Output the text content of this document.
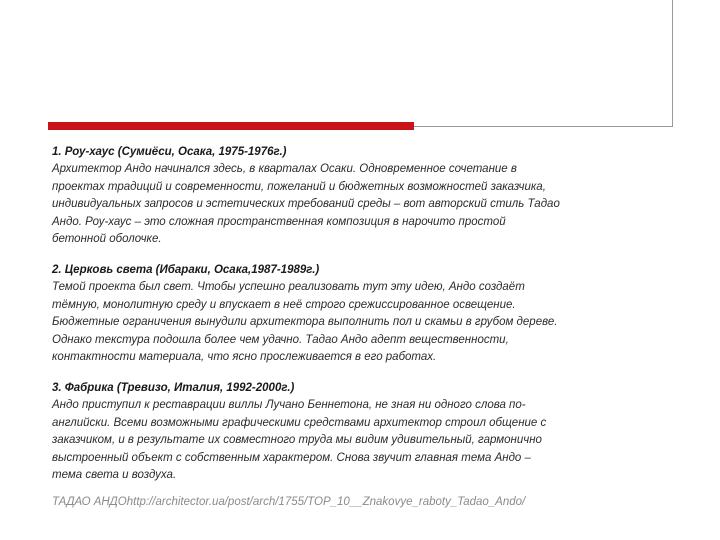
1. Роу-хаус (Сумиёси, Осака, 1975-1976г.)
Архитектор Андо начинался здесь, в кварталах Осаки. Одновременное сочетание в
проектах традиций и современности, пожеланий и бюджетных возможностей заказчика,
индивидуальных запросов и эстетических требований среды – вот авторский стиль Тадао
Андо. Роу-хаус – это сложная пространственная композиция в нарочито простой
бетонной оболочке.
2. Церковь света (Ибараки, Осака,1987-1989г.)
Темой проекта был свет. Чтобы успешно реализовать тут эту идею, Андо создаёт
тёмную, монолитную среду и впускает в неё строго срежиссированное освещение.
Бюджетные ограничения вынудили архитектора выполнить пол и скамьи в грубом дереве.
Однако текстура подошла более чем удачно. Тадао Андо адепт вещественности,
контактности материала, что ясно прослеживается в его работах.
3. Фабрика (Тревизо, Италия, 1992-2000г.)
Андо приступил к реставрации виллы Лучано Беннетона, не зная ни одного слова по-
английски. Всеми возможными графическими средствами архитектор строил общение с
заказчиком, и в результате их совместного труда мы видим удивительный, гармонично
выстроенный объект с собственным характером. Снова звучит главная тема Андо –
тема света и воздуха.
ТАДАО АНДОhttp://architector.ua/post/arch/1755/TOP_10__Znakovye_raboty_Tadao_Ando/
